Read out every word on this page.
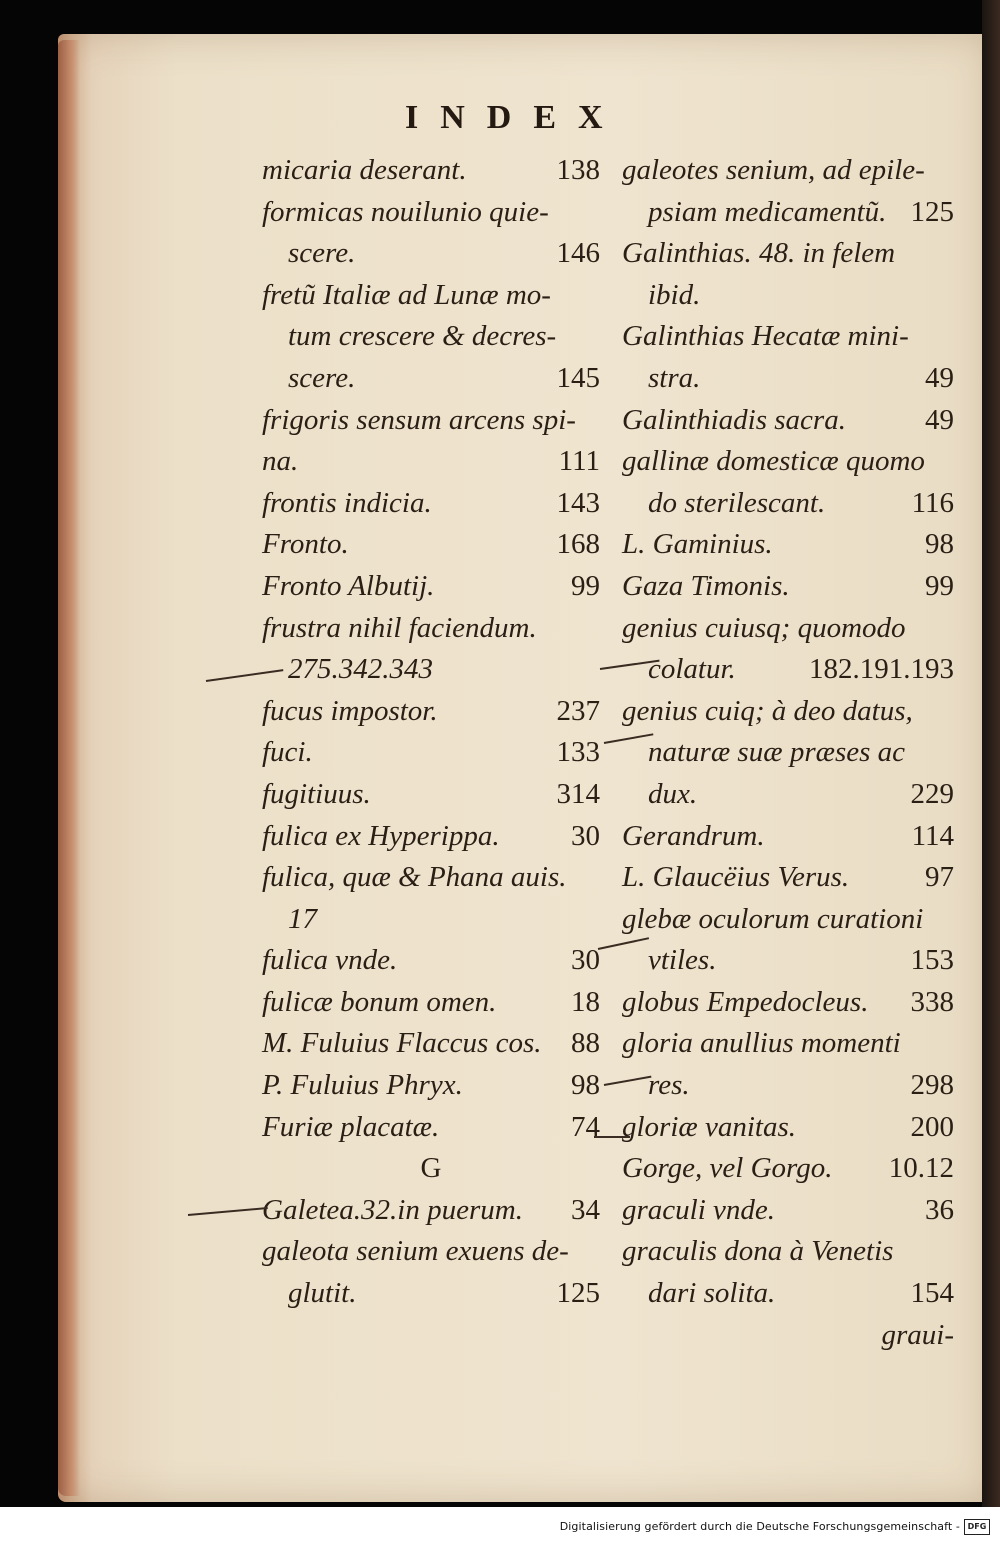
INDEX
micaria deserant.	138
formicas nouilunio quie-
scere.	146
fretũ Italiæ ad Lunæ mo-
tum crescere & decres-
scere.	145
frigoris sensum arcens spi-
na.	111
frontis indicia.	143
Fronto.	168
Fronto Albutij.	99
frustra nihil faciendum.
275.342.343
fucus impostor.	237
fuci.	133
fugitiuus.	314
fulica ex Hyperippa. 30
fulica, quæ & Phana auis.
17
fulica vnde.	30
fulicæ bonum omen.	18
M. Fuluius Flaccus cos. 88
P. Fuluius Phryx.	98
Furiæ placatæ.	74
G
Galetea.32.in puerum. 34
galeota senium exuens de-
glutit.	125
galeotes senium, ad epile-
psiam medicamentũ. 125
Galinthias. 48. in felem
ibid.
Galinthias Hecatæ mini-
stra.	49
Galinthiadis sacra.	49
gallinæ domesticæ quomo
do sterilescant.	116
L. Gaminius.	98
Gaza Timonis.	99
genius cuiusq; quomodo
colatur.	182.191.193
genius cuiq; à deo datus,
naturæ suæ præses ac
dux.	229
Gerandrum.	114
L. Glaucëius Verus.	97
glebæ oculorum curationi
vtiles.	153
globus Empedocleus. 338
gloria anullius momenti
res.	298
gloriæ vanitas.	200
Gorge, vel Gorgo. 10.12
graculi vnde.	36
graculis dona à Venetis
dari solita.	154
graui-
Digitalisierung gefördert durch die Deutsche Forschungsgemeinschaft - DFG
